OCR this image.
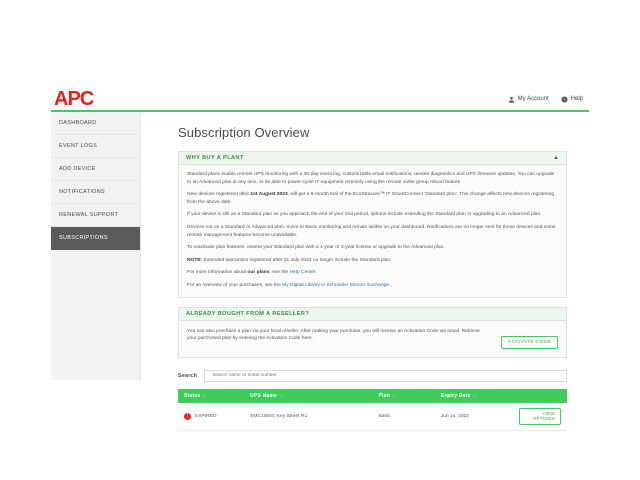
APC	My Account ? Help
DASHBOARD
EVENT LOGS
ADD DEVICE
NOTIFICATIONS
RENEWAL SUPPORT
SUBSCRIPTIONS
Subscription Overview
WHY BUY A PLANT	▲

Standard plans enable remote UPS monitoring with a 30-day event log, customizable email notifications, remote diagnostics and UPS firmware updates. You can upgrade to an Advanced plan at any time, to be able to power-cycle IT equipment remotely using the remote outlet group reboot feature.

New devices registered after 1st August 2023, will get a 6-month trial of the EcoStruxure™ IT SmartConnect 'Standard plan'. This change affects new devices registering from the above date.

If your device is still on a Standard plan as you approach the end of your trial period, options include extending the Standard plan or upgrading to an Advanced plan.

Devices not on a Standard or Advanced plan, move to Basic monitoring and remain visible on your dashboard. Notifications are no longer sent for these devices and some remote management features become unavailable.

To reactivate plan features, extend your Standard plan with a 1-year or 3-year license or upgrade to the Advanced plan.

NOTE: Extended warranties registered after 31 July 2023 no longer include the Standard plan.

For more information about our plans, see the Help Center.

For an overview of your purchases, see the My Digital Library in Schneider Electric Exchange.

ALREADY BOUGHT FROM A RESELLER?

You can also purchase a plan via your local reseller. After making your purchase, you will receive an Activation Code via email. Retrieve your purchased plan by entering the Activation Code here.

ACTIVATE CODE
Search
Search name or serial number
Status ↑↓	UPS Name ↑↓	Plan ↑↓	Expiry Date ↑↓	

! EXPIRED	SMC1000C Key Street R1	Basic	Jun 14, 2022	VIEW OPTIONS
